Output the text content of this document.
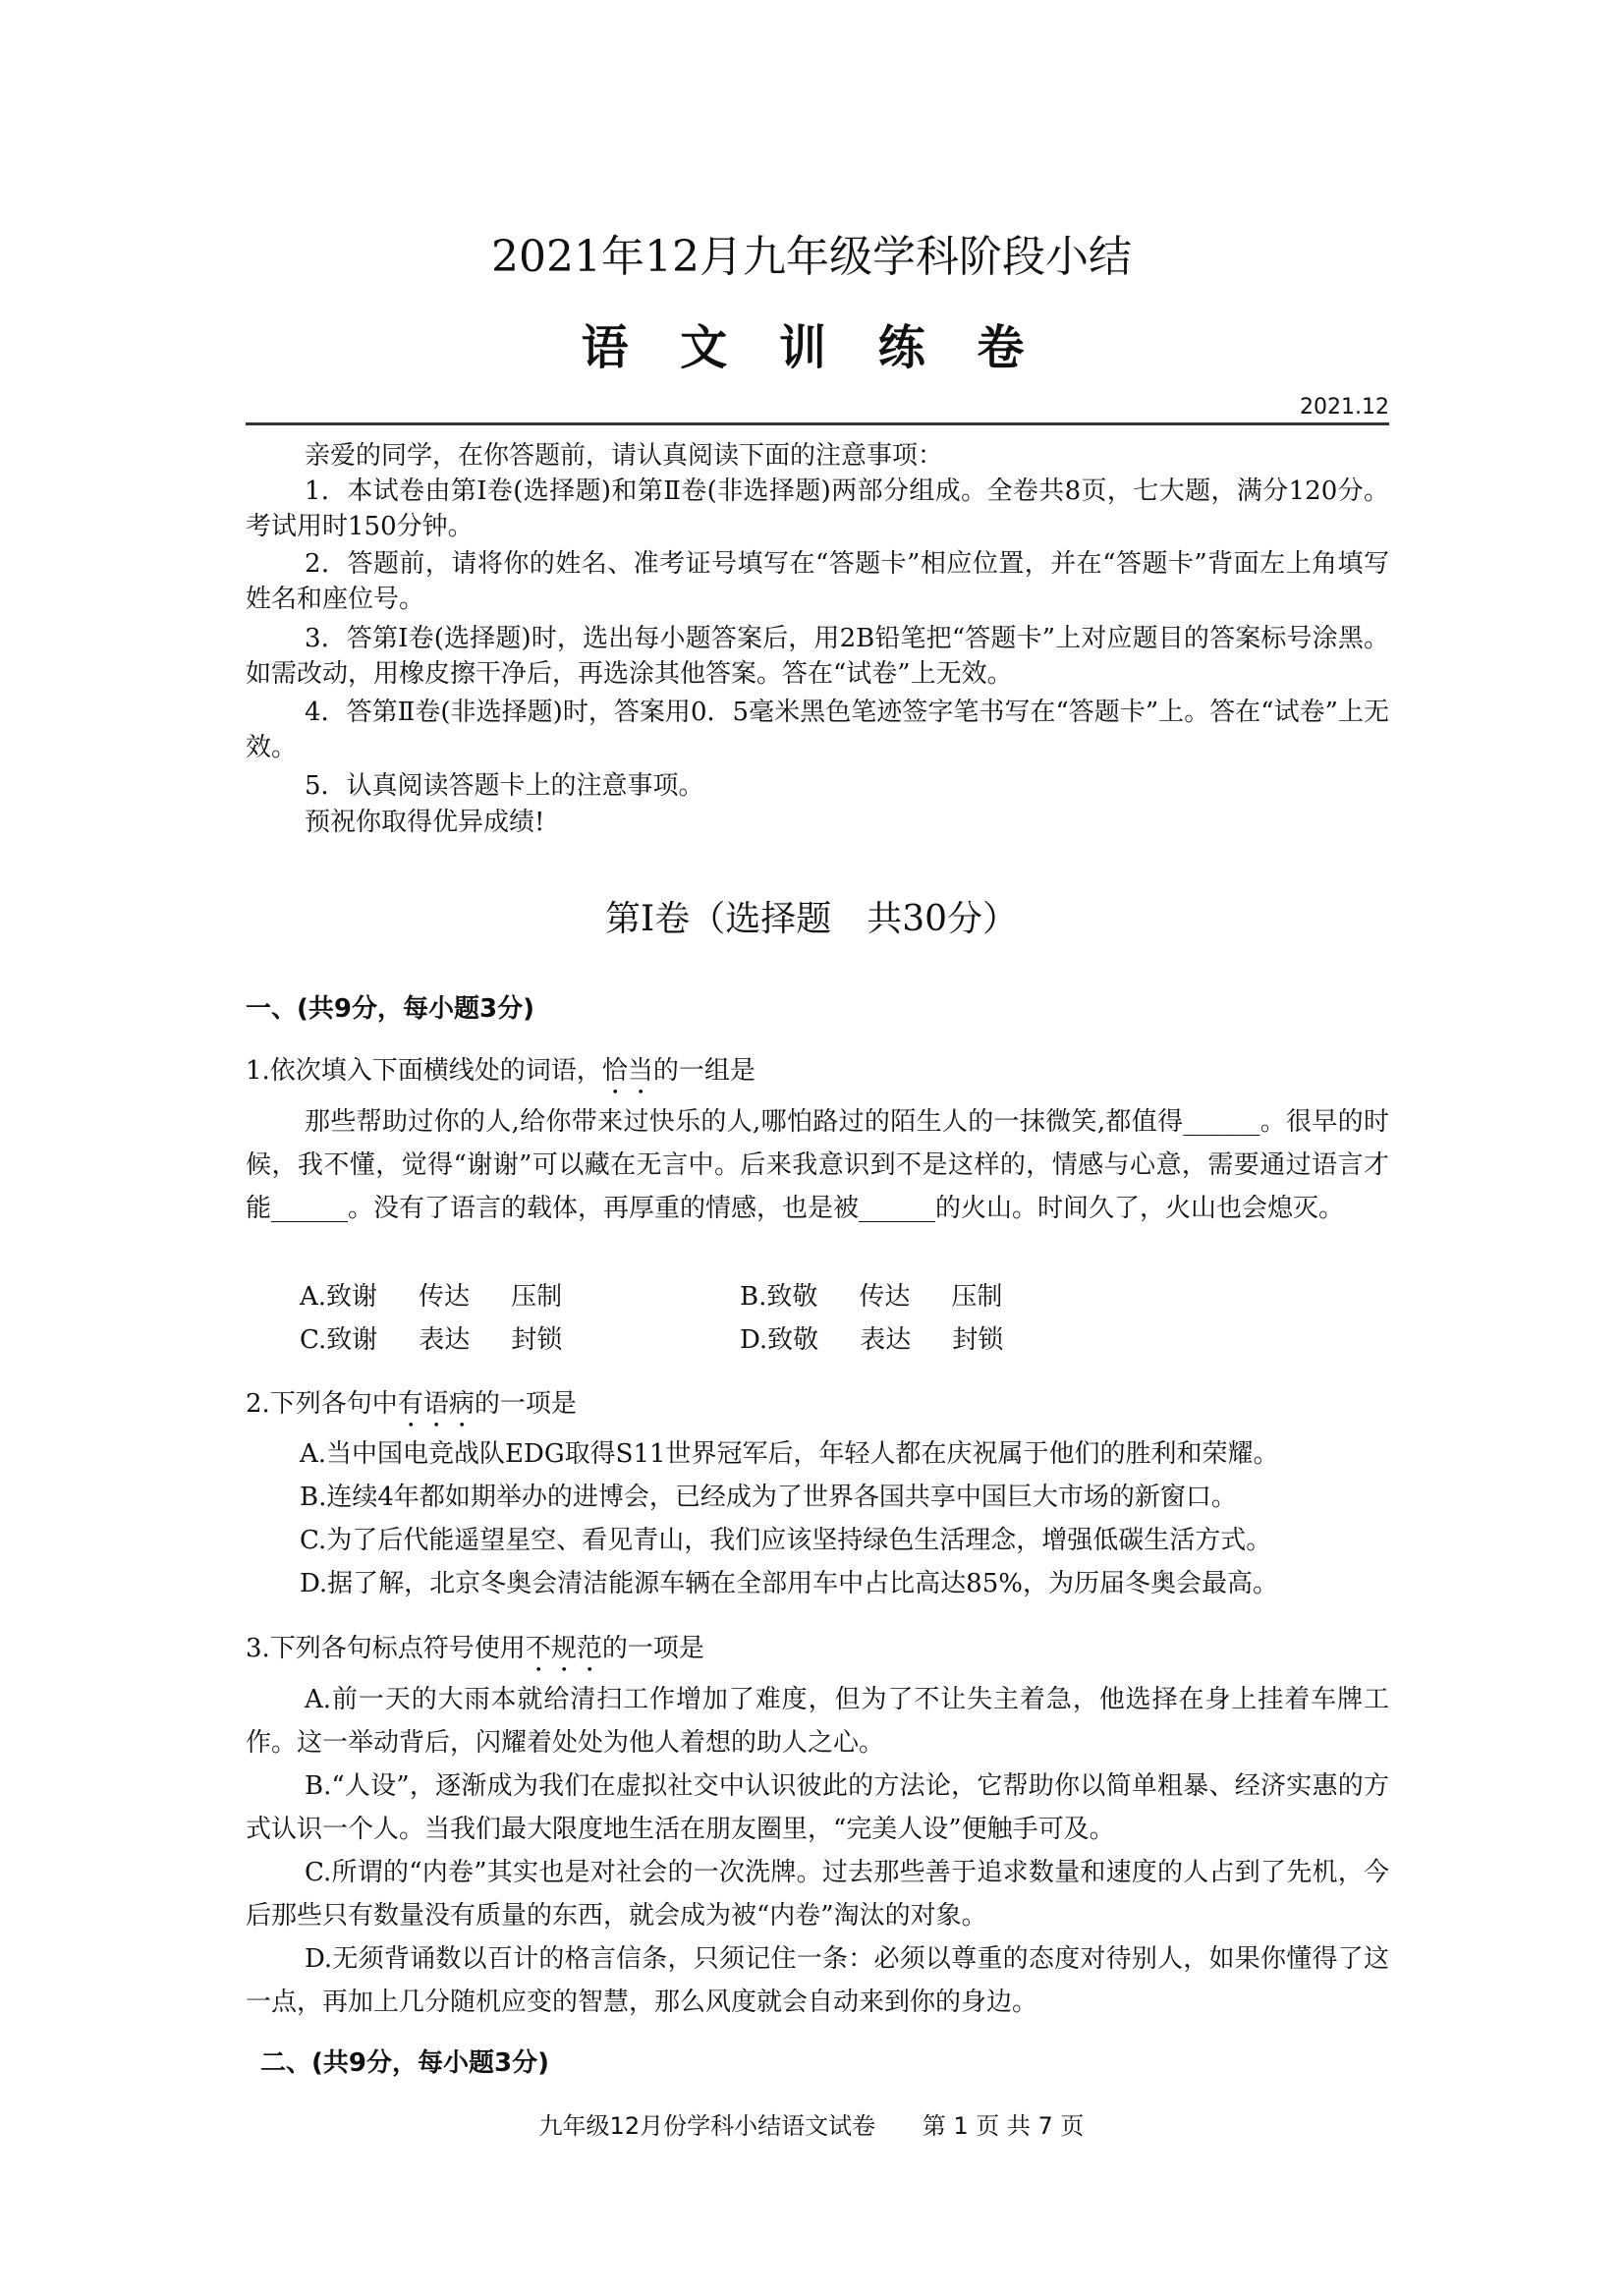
2021年12月九年级学科阶段小结
语 文 训 练 卷
2021.12
亲爱的同学，在你答题前，请认真阅读下面的注意事项：
1．本试卷由第Ⅰ卷(选择题)和第Ⅱ卷(非选择题)两部分组成。全卷共8页，七大题，满分120分。考试用时150分钟。
2．答题前，请将你的姓名、准考证号填写在“答题卡”相应位置，并在“答题卡”背面左上角填写姓名和座位号。
3．答第Ⅰ卷(选择题)时，选出每小题答案后，用2B铅笔把“答题卡”上对应题目的答案标号涂黑。如需改动，用橡皮擦干净后，再选涂其他答案。答在“试卷”上无效。
4．答第Ⅱ卷(非选择题)时，答案用0．5毫米黑色笔迹签字笔书写在“答题卡”上。答在“试卷”上无效。
5．认真阅读答题卡上的注意事项。
预祝你取得优异成绩!
第Ⅰ卷（选择题　共30分）
一、(共9分，每小题3分)
1.依次填入下面横线处的词语，恰当的一组是
那些帮助过你的人,给你带来过快乐的人,哪怕路过的陌生人的一抹微笑,都值得______。很早的时候，我不懂，觉得“谢谢”可以藏在无言中。后来我意识到不是这样的，情感与心意，需要通过语言才能______。没有了语言的载体，再厚重的情感，也是被______的火山。时间久了，火山也会熄灭。
A.致谢 传达 压制	B.致敬 传达 压制
C.致谢 表达 封锁	D.致敬 表达 封锁
2.下列各句中有语病的一项是
A.当中国电竞战队EDG取得S11世界冠军后，年轻人都在庆祝属于他们的胜利和荣耀。
B.连续4年都如期举办的进博会，已经成为了世界各国共享中国巨大市场的新窗口。
C.为了后代能遥望星空、看见青山，我们应该坚持绿色生活理念，增强低碳生活方式。
D.据了解，北京冬奥会清洁能源车辆在全部用车中占比高达85%，为历届冬奥会最高。
3.下列各句标点符号使用不规范的一项是
A.前一天的大雨本就给清扫工作增加了难度，但为了不让失主着急，他选择在身上挂着车牌工作。这一举动背后，闪耀着处处为他人着想的助人之心。
B.“人设”，逐渐成为我们在虚拟社交中认识彼此的方法论，它帮助你以简单粗暴、经济实惠的方式认识一个人。当我们最大限度地生活在朋友圈里，“完美人设”便触手可及。
C.所谓的“内卷”其实也是对社会的一次洗牌。过去那些善于追求数量和速度的人占到了先机，今后那些只有数量没有质量的东西，就会成为被“内卷”淘汰的对象。
D.无须背诵数以百计的格言信条，只须记住一条：必须以尊重的态度对待别人，如果你懂得了这一点，再加上几分随机应变的智慧，那么风度就会自动来到你的身边。
二、(共9分，每小题3分)
九年级12月份学科小结语文试卷 第 1 页 共 7 页
